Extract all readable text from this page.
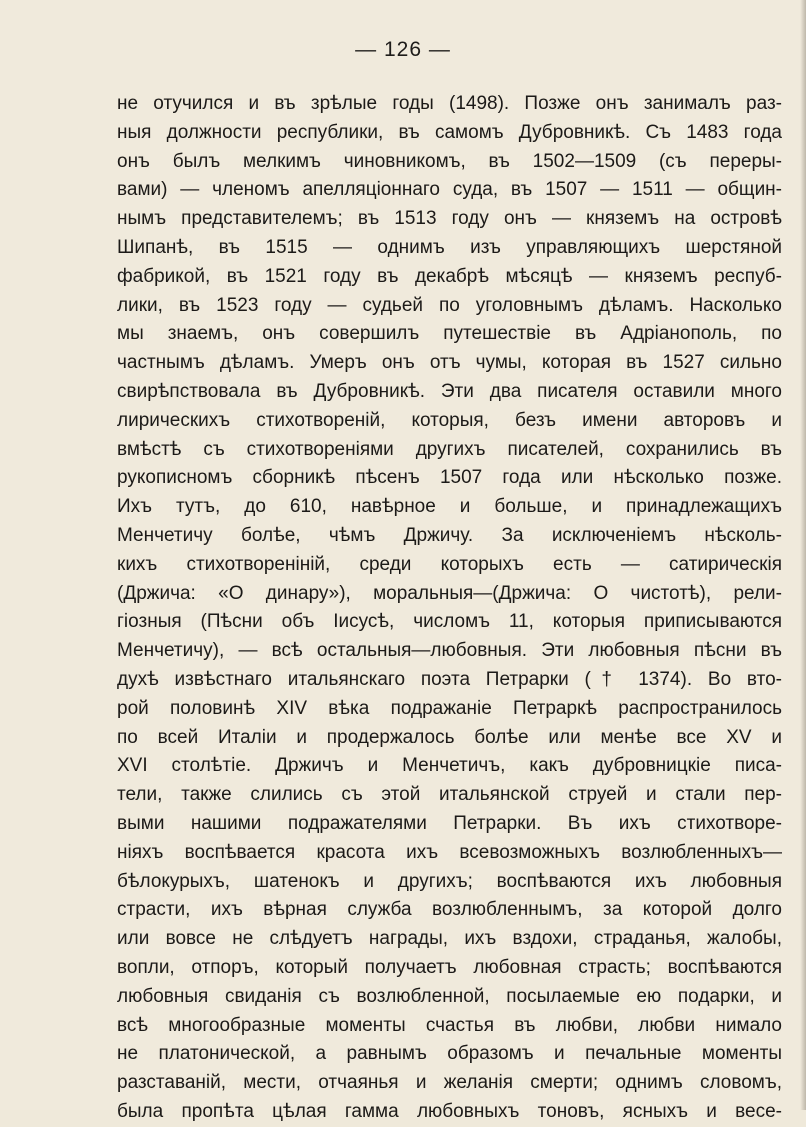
— 126 —
не отучился и въ зрѣлые годы (1498). Позже онъ занималъ раз-
ныя должности республики, въ самомъ Дубровникѣ. Съ 1483 года
онъ былъ мелкимъ чиновникомъ, въ 1502—1509 (съ переры-
вами) — членомъ апелляціоннаго суда, въ 1507 — 1511 — общин-
нымъ представителемъ; въ 1513 году онъ — княземъ на островѣ
Шипанѣ, въ 1515 — однимъ изъ управляющихъ шерстяной
фабрикой, въ 1521 году въ декабрѣ мѣсяцѣ — княземъ респуб-
лики, въ 1523 году — судьей по уголовнымъ дѣламъ. Насколько
мы знаемъ, онъ совершилъ путешествіе въ Адріанополь, по
частнымъ дѣламъ. Умеръ онъ отъ чумы, которая въ 1527 сильно
свирѣпствовала въ Дубровникѣ. Эти два писателя оставили много
лирическихъ стихотвореній, которыя, безъ имени авторовъ и
вмѣстѣ съ стихотвореніями другихъ писателей, сохранились въ
рукописномъ сборникѣ пѣсенъ 1507 года или нѣсколько позже.
Ихъ тутъ, до 610, навѣрное и больше, и принадлежащихъ
Менчетичу болѣе, чѣмъ Држичу. За исключеніемъ нѣсколь-
кихъ стихотвореніній, среди которыхъ есть — сатирическія
(Држича: «О динару»), моральныя—(Држича: О чистотѣ), рели-
гіозныя (Пѣсни объ Іисусѣ, числомъ 11, которыя приписываются
Менчетичу), — всѣ остальныя—любовныя. Эти любовныя пѣсни въ
духѣ извѣстнаго итальянскаго поэта Петрарки († 1374). Во вто-
рой половинѣ XIV вѣка подражаніе Петраркѣ распространилось
по всей Италіи и продержалось болѣе или менѣе все XV и
XVI столѣтіе. Држичъ и Менчетичъ, какъ дубровницкіе писа-
тели, также слились съ этой итальянской струей и стали пер-
выми нашими подражателями Петрарки. Въ ихъ стихотворе-
ніяхъ воспѣвается красота ихъ всевозможныхъ возлюбленныхъ—
бѣлокурыхъ, шатенокъ и другихъ; воспѣваются ихъ любовныя
страсти, ихъ вѣрная служба возлюбленнымъ, за которой долго
или вовсе не слѣдуетъ награды, ихъ вздохи, страданья, жалобы,
вопли, отпоръ, который получаетъ любовная страсть; воспѣваются
любовныя свиданія съ возлюбленной, посылаемые ею подарки, и
всѣ многообразные моменты счастья въ любви, любви нимало
не платонической, а равнымъ образомъ и печальные моменты
разставаній, мести, отчаянья и желанія смерти; однимъ словомъ,
была пропѣта цѣлая гамма любовныхъ тоновъ, ясныхъ и весе-
